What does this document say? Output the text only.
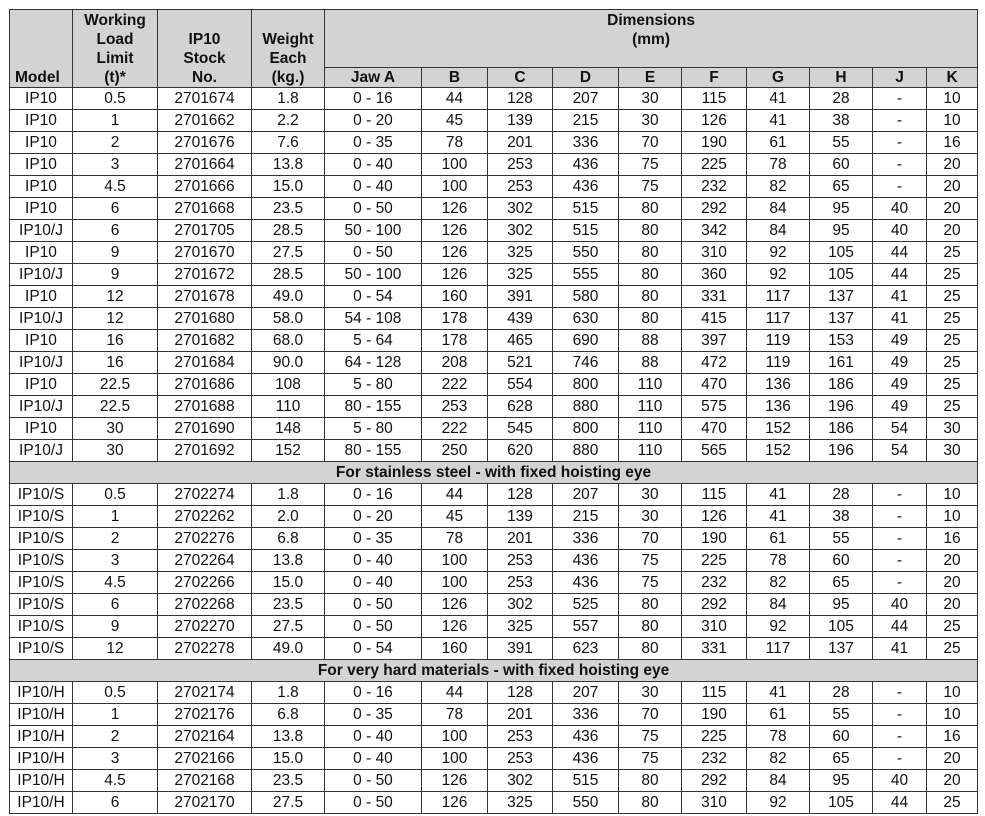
Model	Working
Load
Limit
(t)*	IP10
Stock
No.	Weight
Each
(kg.)	Dimensions
(mm)									
				Jaw A	B	C	D	E	F	G	H	J	K
IP10	0.5	2701674	1.8	0 - 16	44	128	207	30	115	41	28	-	10
IP10	1	2701662	2.2	0 - 20	45	139	215	30	126	41	38	-	10
IP10	2	2701676	7.6	0 - 35	78	201	336	70	190	61	55	-	16
IP10	3	2701664	13.8	0 - 40	100	253	436	75	225	78	60	-	20
IP10	4.5	2701666	15.0	0 - 40	100	253	436	75	232	82	65	-	20
IP10	6	2701668	23.5	0 - 50	126	302	515	80	292	84	95	40	20
IP10/J	6	2701705	28.5	50 - 100	126	302	515	80	342	84	95	40	20
IP10	9	2701670	27.5	0 - 50	126	325	550	80	310	92	105	44	25
IP10/J	9	2701672	28.5	50 - 100	126	325	555	80	360	92	105	44	25
IP10	12	2701678	49.0	0 - 54	160	391	580	80	331	117	137	41	25
IP10/J	12	2701680	58.0	54 - 108	178	439	630	80	415	117	137	41	25
IP10	16	2701682	68.0	5 - 64	178	465	690	88	397	119	153	49	25
IP10/J	16	2701684	90.0	64 - 128	208	521	746	88	472	119	161	49	25
IP10	22.5	2701686	108	5 - 80	222	554	800	110	470	136	186	49	25
IP10/J	22.5	2701688	110	80 - 155	253	628	880	110	575	136	196	49	25
IP10	30	2701690	148	5 - 80	222	545	800	110	470	152	186	54	30
IP10/J	30	2701692	152	80 - 155	250	620	880	110	565	152	196	54	30
For stainless steel - with fixed hoisting eye													
IP10/S	0.5	2702274	1.8	0 - 16	44	128	207	30	115	41	28	-	10
IP10/S	1	2702262	2.0	0 - 20	45	139	215	30	126	41	38	-	10
IP10/S	2	2702276	6.8	0 - 35	78	201	336	70	190	61	55	-	16
IP10/S	3	2702264	13.8	0 - 40	100	253	436	75	225	78	60	-	20
IP10/S	4.5	2702266	15.0	0 - 40	100	253	436	75	232	82	65	-	20
IP10/S	6	2702268	23.5	0 - 50	126	302	525	80	292	84	95	40	20
IP10/S	9	2702270	27.5	0 - 50	126	325	557	80	310	92	105	44	25
IP10/S	12	2702278	49.0	0 - 54	160	391	623	80	331	117	137	41	25
For very hard materials - with fixed hoisting eye													
IP10/H	0.5	2702174	1.8	0 - 16	44	128	207	30	115	41	28	-	10
IP10/H	1	2702176	6.8	0 - 35	78	201	336	70	190	61	55	-	10
IP10/H	2	2702164	13.8	0 - 40	100	253	436	75	225	78	60	-	16
IP10/H	3	2702166	15.0	0 - 40	100	253	436	75	232	82	65	-	20
IP10/H	4.5	2702168	23.5	0 - 50	126	302	515	80	292	84	95	40	20
IP10/H	6	2702170	27.5	0 - 50	126	325	550	80	310	92	105	44	25
